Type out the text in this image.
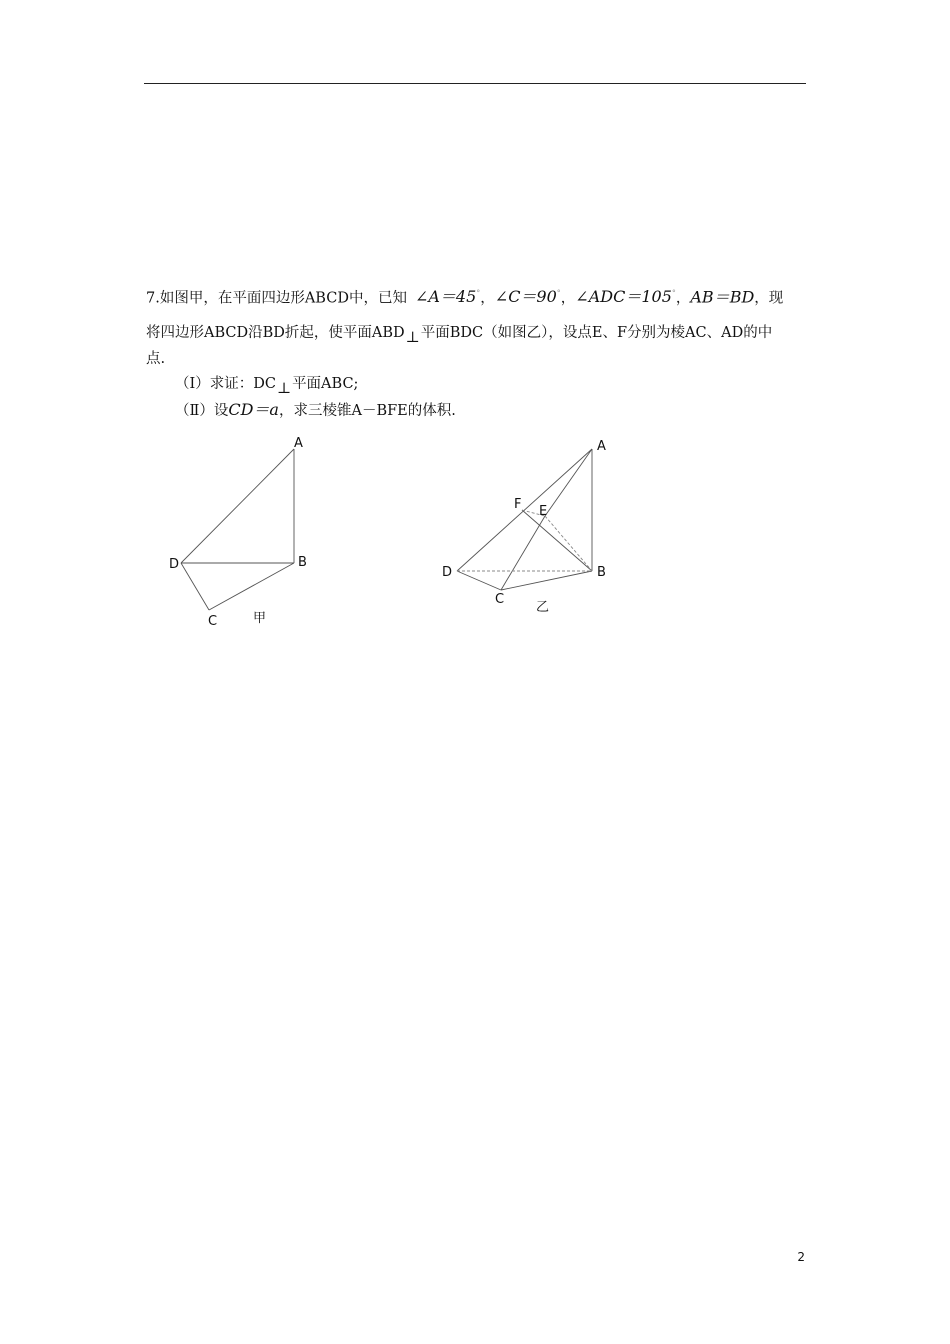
7.如图甲，在平面四边形ABCD中，已知 ∠A＝45°，∠C＝90°，∠ADC＝105°，AB＝BD，现
将四边形ABCD沿BD折起，使平面ABD⊥平面BDC（如图乙），设点E、F分别为棱AC、AD的中
点.
（Ⅰ）求证：DC⊥平面ABC;
（Ⅱ）设CD＝a，求三棱锥A－BFE的体积.
A
B
D
C	甲
A
F E
D	B
C
乙
2
